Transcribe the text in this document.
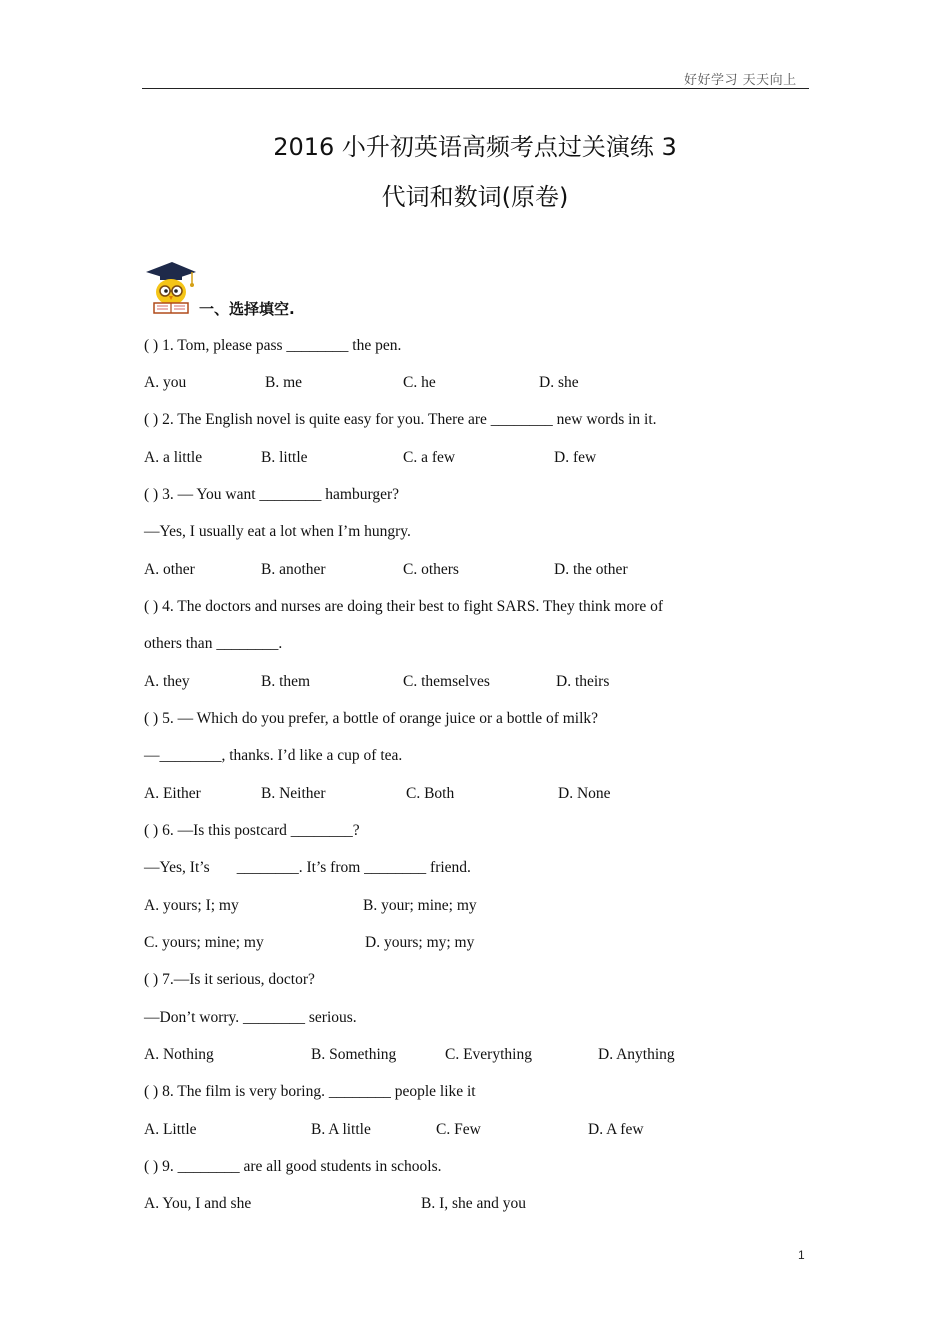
好好学习 天天向上
2016 小升初英语高频考点过关演练 3
代词和数词(原卷)
一、选择填空.
( ) 1. Tom, please pass ________ the pen.
A. you	B. me	C. he	D. she
( ) 2. The English novel is quite easy for you. There are ________ new words in it.
A. a little	B. little	C. a few	D. few
( ) 3. — You want ________ hamburger?
—Yes, I usually eat a lot when I’m hungry.
A. other	B. another	C. others	D. the other
( ) 4. The doctors and nurses are doing their best to fight SARS. They think more of
others than ________.
A. they	B. them	C. themselves	D. theirs
( ) 5. — Which do you prefer, a bottle of orange juice or a bottle of milk?
—________, thanks. I’d like a cup of tea.
A. Either	B. Neither	C. Both	D. None
( ) 6. —Is this postcard ________?
—Yes, It’s       ________. It’s from ________ friend.
A. yours; I; my	B. your; mine; my
C. yours; mine; my	D. yours; my; my
( ) 7.—Is it serious, doctor?
—Don’t worry. ________ serious.
A. Nothing	B. Something	C. Everything	D. Anything
( ) 8. The film is very boring. ________ people like it
A. Little	B. A little	C. Few	D. A few
( ) 9. ________ are all good students in schools.
A. You, I and she	B. I, she and you
1
